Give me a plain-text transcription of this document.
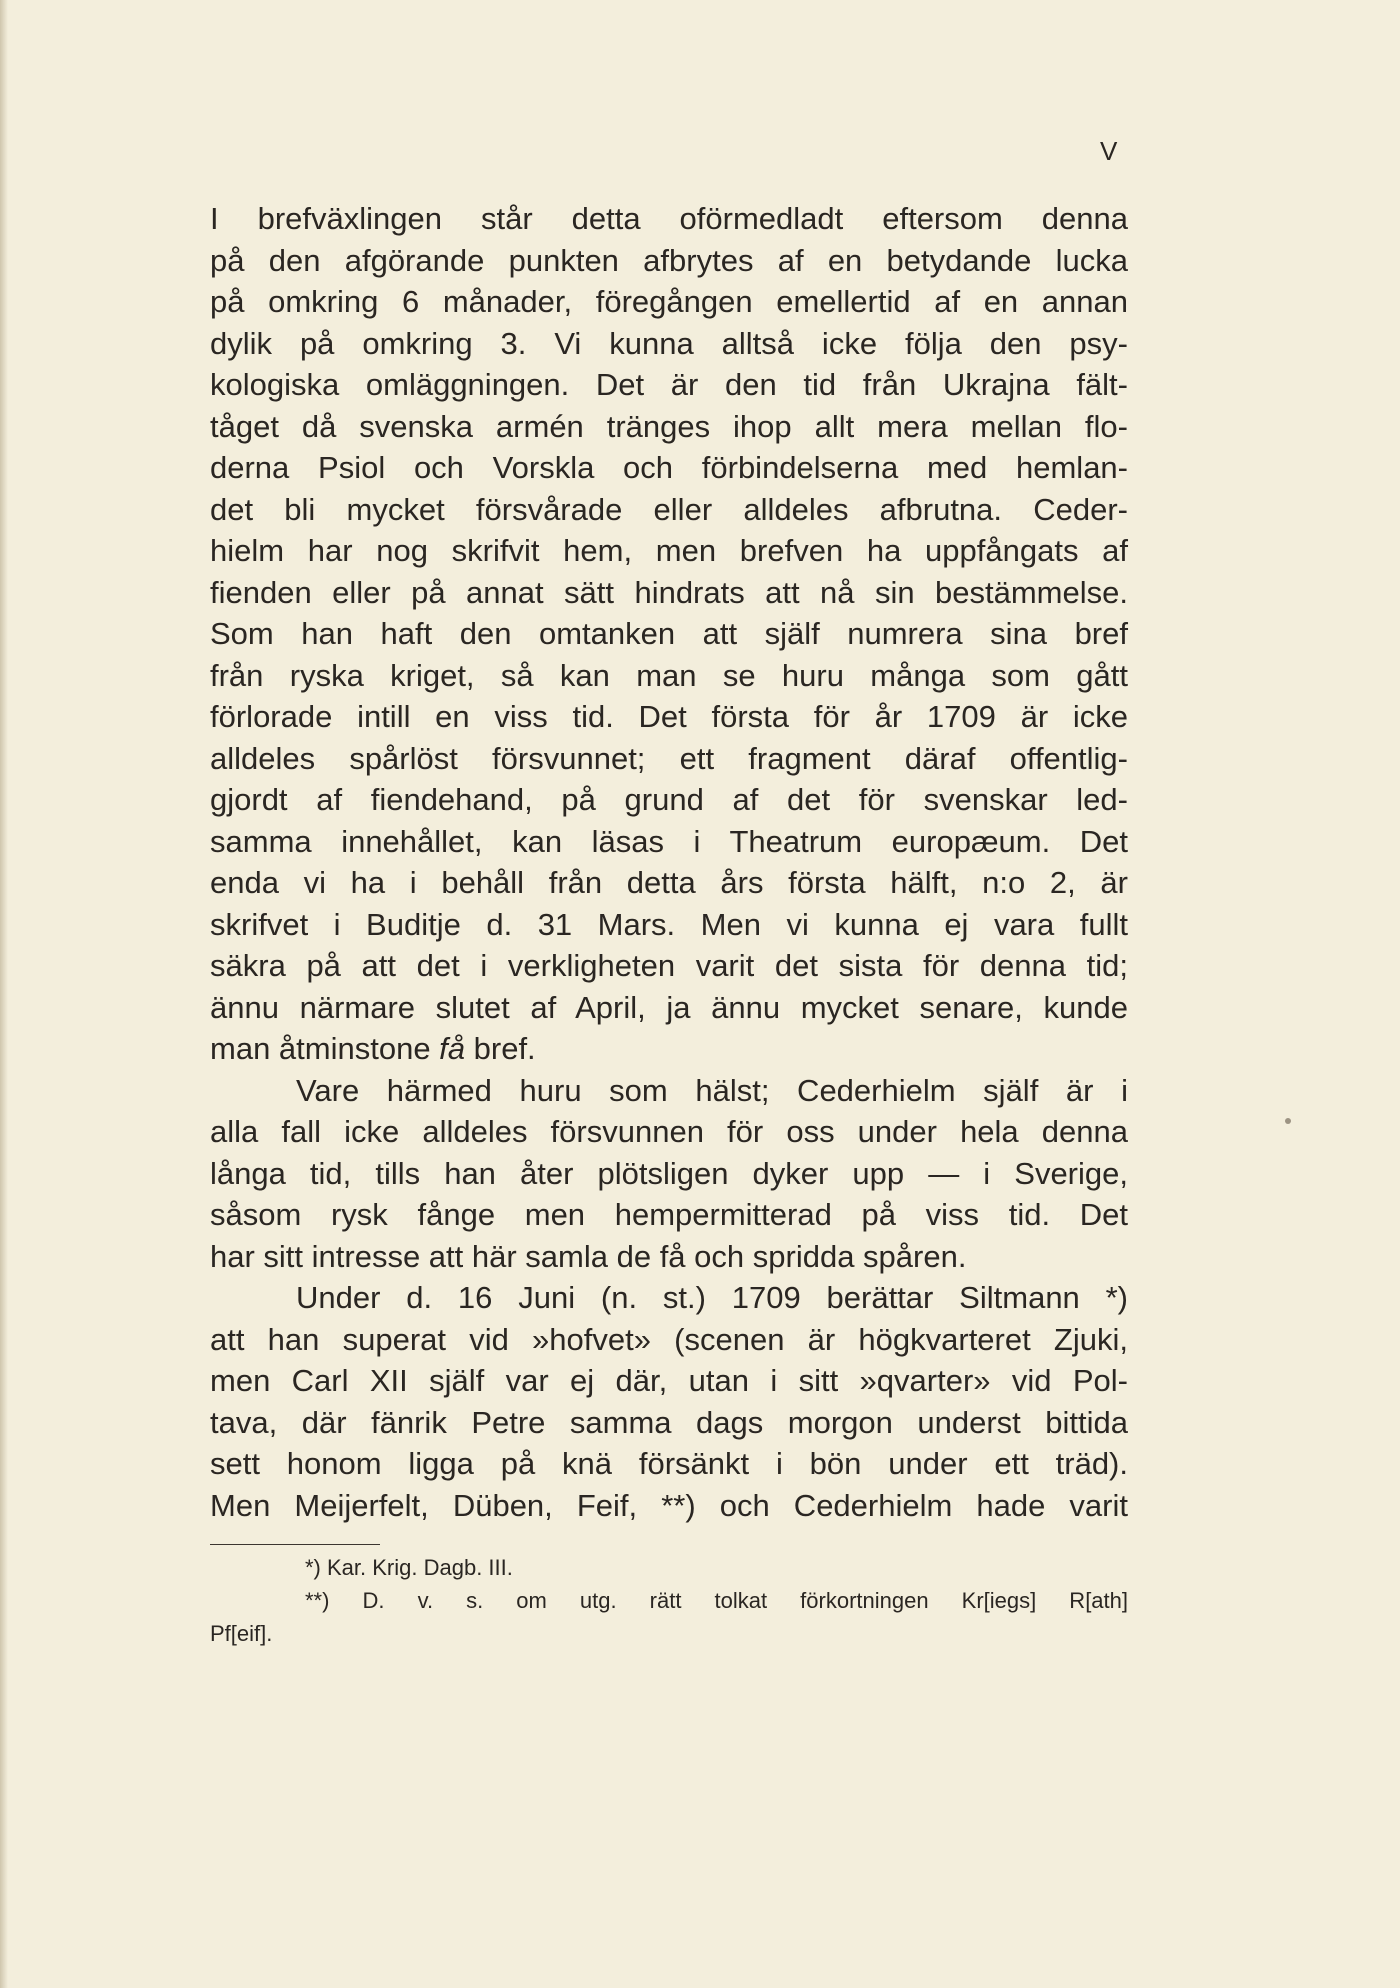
V
I brefväxlingen står detta oförmedladt eftersom denna
på den afgörande punkten afbrytes af en betydande lucka
på omkring 6 månader, föregången emellertid af en annan
dylik på omkring 3. Vi kunna alltså icke följa den psy-
kologiska omläggningen. Det är den tid från Ukrajna fält-
tåget då svenska armén tränges ihop allt mera mellan flo-
derna Psiol och Vorskla och förbindelserna med hemlan-
det bli mycket försvårade eller alldeles afbrutna. Ceder-
hielm har nog skrifvit hem, men brefven ha uppfångats af
fienden eller på annat sätt hindrats att nå sin bestämmelse.
Som han haft den omtanken att själf numrera sina bref
från ryska kriget, så kan man se huru många som gått
förlorade intill en viss tid. Det första för år 1709 är icke
alldeles spårlöst försvunnet; ett fragment däraf offentlig-
gjordt af fiendehand, på grund af det för svenskar led-
samma innehållet, kan läsas i Theatrum europæum. Det
enda vi ha i behåll från detta års första hälft, n:o 2, är
skrifvet i Buditje d. 31 Mars. Men vi kunna ej vara fullt
säkra på att det i verkligheten varit det sista för denna tid;
ännu närmare slutet af April, ja ännu mycket senare, kunde
man åtminstone få bref.
Vare härmed huru som hälst; Cederhielm själf är i
alla fall icke alldeles försvunnen för oss under hela denna
långa tid, tills han åter plötsligen dyker upp — i Sverige,
såsom rysk fånge men hempermitterad på viss tid. Det
har sitt intresse att här samla de få och spridda spåren.
Under d. 16 Juni (n. st.) 1709 berättar Siltmann *)
att han superat vid »hofvet» (scenen är högkvarteret Zjuki,
men Carl XII själf var ej där, utan i sitt »qvarter» vid Pol-
tava, där fänrik Petre samma dags morgon underst bittida
sett honom ligga på knä försänkt i bön under ett träd).
Men Meijerfelt, Düben, Feif, **) och Cederhielm hade varit
*) Kar. Krig. Dagb. III.
**) D. v. s. om utg. rätt tolkat förkortningen Kr[iegs] R[ath]
Pf[eif].
